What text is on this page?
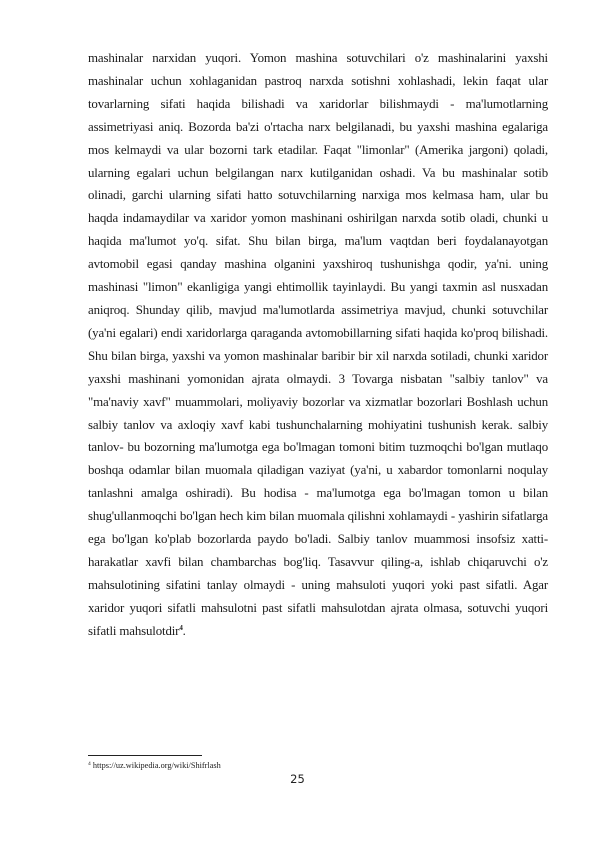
mashinalar narxidan yuqori. Yomon mashina sotuvchilari o'z mashinalarini yaxshi mashinalar uchun xohlaganidan pastroq narxda sotishni xohlashadi, lekin faqat ular tovarlarning sifati haqida bilishadi va xaridorlar bilishmaydi - ma'lumotlarning assimetriyasi aniq. Bozorda ba'zi o'rtacha narx belgilanadi, bu yaxshi mashina egalariga mos kelmaydi va ular bozorni tark etadilar. Faqat "limonlar" (Amerika jargoni) qoladi, ularning egalari uchun belgilangan narx kutilganidan oshadi. Va bu mashinalar sotib olinadi, garchi ularning sifati hatto sotuvchilarning narxiga mos kelmasa ham, ular bu haqda indamaydilar va xaridor yomon mashinani oshirilgan narxda sotib oladi, chunki u haqida ma'lumot yo'q. sifat. Shu bilan birga, ma'lum vaqtdan beri foydalanayotgan avtomobil egasi qanday mashina olganini yaxshiroq tushunishga qodir, ya'ni. uning mashinasi "limon" ekanligiga yangi ehtimollik tayinlaydi. Bu yangi taxmin asl nusxadan aniqroq. Shunday qilib, mavjud ma'lumotlarda assimetriya mavjud, chunki sotuvchilar (ya'ni egalari) endi xaridorlarga qaraganda avtomobillarning sifati haqida ko'proq bilishadi. Shu bilan birga, yaxshi va yomon mashinalar baribir bir xil narxda sotiladi, chunki xaridor yaxshi mashinani yomonidan ajrata olmaydi. 3 Tovarga nisbatan "salbiy tanlov" va "ma'naviy xavf" muammolari, moliyaviy bozorlar va xizmatlar bozorlari Boshlash uchun salbiy tanlov va axloqiy xavf kabi tushunchalarning mohiyatini tushunish kerak. salbiy tanlov- bu bozorning ma'lumotga ega bo'lmagan tomoni bitim tuzmoqchi bo'lgan mutlaqo boshqa odamlar bilan muomala qiladigan vaziyat (ya'ni, u xabardor tomonlarni noqulay tanlashni amalga oshiradi). Bu hodisa - ma'lumotga ega bo'lmagan tomon u bilan shug'ullanmoqchi bo'lgan hech kim bilan muomala qilishni xohlamaydi - yashirin sifatlarga ega bo'lgan ko'plab bozorlarda paydo bo'ladi. Salbiy tanlov muammosi insofsiz xatti-harakatlar xavfi bilan chambarchas bog'liq. Tasavvur qiling-a, ishlab chiqaruvchi o'z mahsulotining sifatini tanlay olmaydi - uning mahsuloti yuqori yoki past sifatli. Agar xaridor yuqori sifatli mahsulotni past sifatli mahsulotdan ajrata olmasa, sotuvchi yuqori sifatli mahsulotdir$^4$.

$^4$ https://uz.wikipedia.org/wiki/Shifrlash
25
